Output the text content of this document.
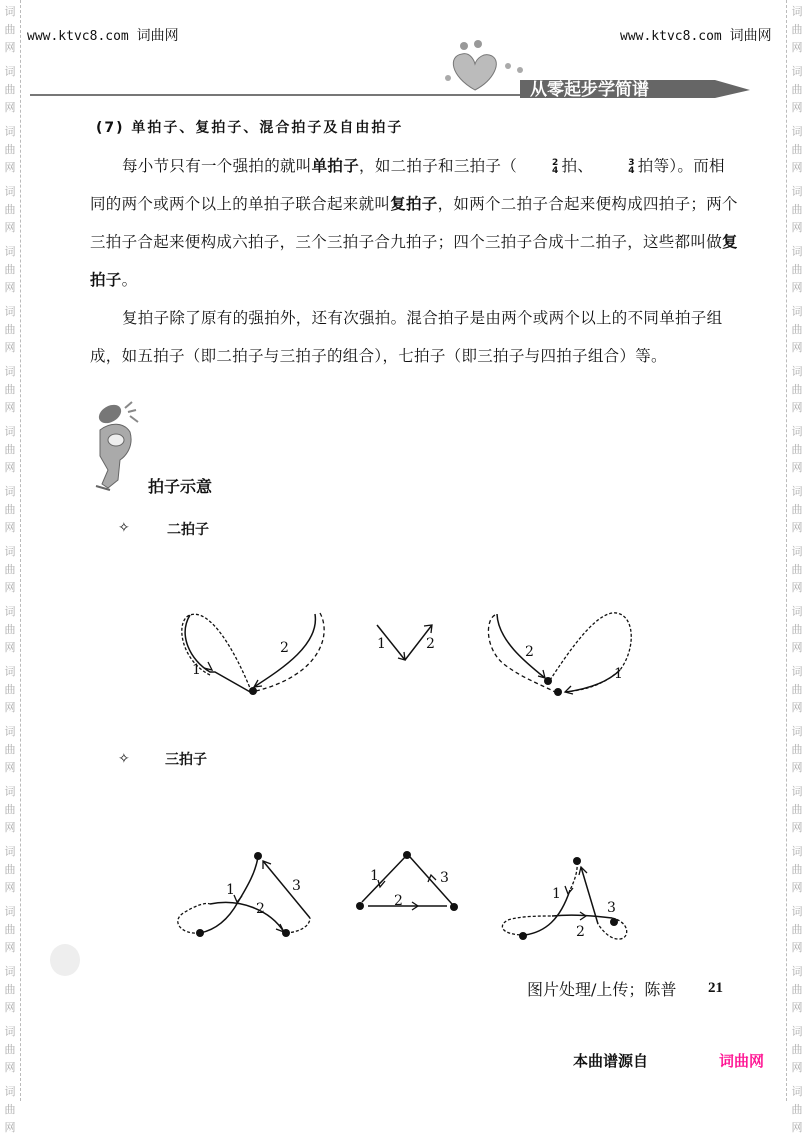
词
曲
网
词
曲
网
词
曲
网
词
曲
网
词
曲
网
词
曲
网
词
曲
网
词
曲
网
词
曲
网
词
曲
网
词
曲
网
词
曲
网
词
曲
网
词
曲
网
词
曲
网
词
曲
网
词
曲
网
词
曲
网
词
曲
网
词
曲
网
词
曲
网
词
曲
网
词
曲
网
词
曲
网
词
曲
网
词
曲
网
词
曲
网
词
曲
网
词
曲
网
词
曲
网
词
曲
网
词
曲
网
词
曲
网
词
曲
网
词
曲
网
词
曲
网
词
曲
网
词
曲
网
www.ktvc8.com 词曲网	www.ktvc8.com 词曲网
从零起步学简谱
(7) 单拍子、复拍子、混合拍子及自由拍子
每小节只有一个强拍的就叫单拍子，如二拍子和三拍子（	2
4 拍、	3
4 拍等）。而相同的两个或两个以上的单拍子联合起来就叫复拍子，如两个二拍子合起来便构成四拍子；两个三拍子合起来便构成六拍子，三个三拍子合九拍子；四个三拍子合成十二拍子，这些都叫做复拍子。
复拍子除了原有的强拍外，还有次强拍。混合拍子是由两个或两个以上的不同单拍子组成，如五拍子（即二拍子与三拍子的组合），七拍子（即三拍子与四拍子组合）等。
拍子示意
✧	二拍子
1
2	1	2	2
1
✧	三拍子
1
2
3
1
2
3
1
2
3
图片处理/上传；陈普 21
本曲谱源自	词曲网
